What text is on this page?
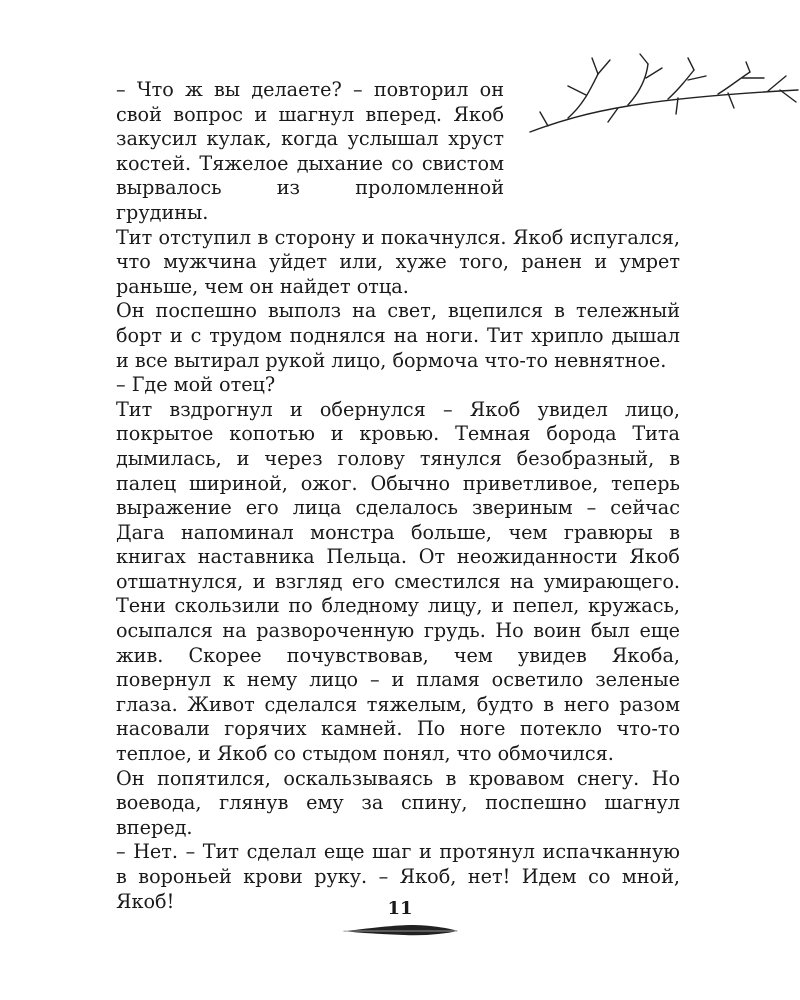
– Что ж вы делаете? – повторил он свой вопрос и шагнул вперед. Якоб закусил кулак, когда услышал хруст костей. Тяжелое дыхание со свистом вырвалось из проломленной грудины.

Тит отступил в сторону и покачнулся. Якоб испугался, что мужчина уйдет или, хуже того, ранен и умрет раньше, чем он найдет отца.

Он поспешно выполз на свет, вцепился в тележный борт и с трудом поднялся на ноги. Тит хрипло дышал и все вытирал рукой лицо, бормоча что-то невнятное.

– Где мой отец?

Тит вздрогнул и обернулся – Якоб увидел лицо, покрытое копотью и кровью. Темная борода Тита дымилась, и через голову тянулся безобразный, в палец шириной, ожог. Обычно приветливое, теперь выражение его лица сделалось звериным – сейчас Дага напоминал монстра больше, чем гравюры в книгах наставника Пельца. От неожиданности Якоб отшатнулся, и взгляд его сместился на умирающего. Тени скользили по бледному лицу, и пепел, кружась, осыпался на развороченную грудь. Но воин был еще жив. Скорее почувствовав, чем увидев Якоба, повернул к нему лицо – и пламя осветило зеленые глаза. Живот сделался тяжелым, будто в него разом насовали горячих камней. По ноге потекло что-то теплое, и Якоб со стыдом понял, что обмочился.

Он попятился, оскальзываясь в кровавом снегу. Но воевода, глянув ему за спину, поспешно шагнул вперед.

– Нет. – Тит сделал еще шаг и протянул испачканную в вороньей крови руку. – Якоб, нет! Идем со мной, Якоб!	11
